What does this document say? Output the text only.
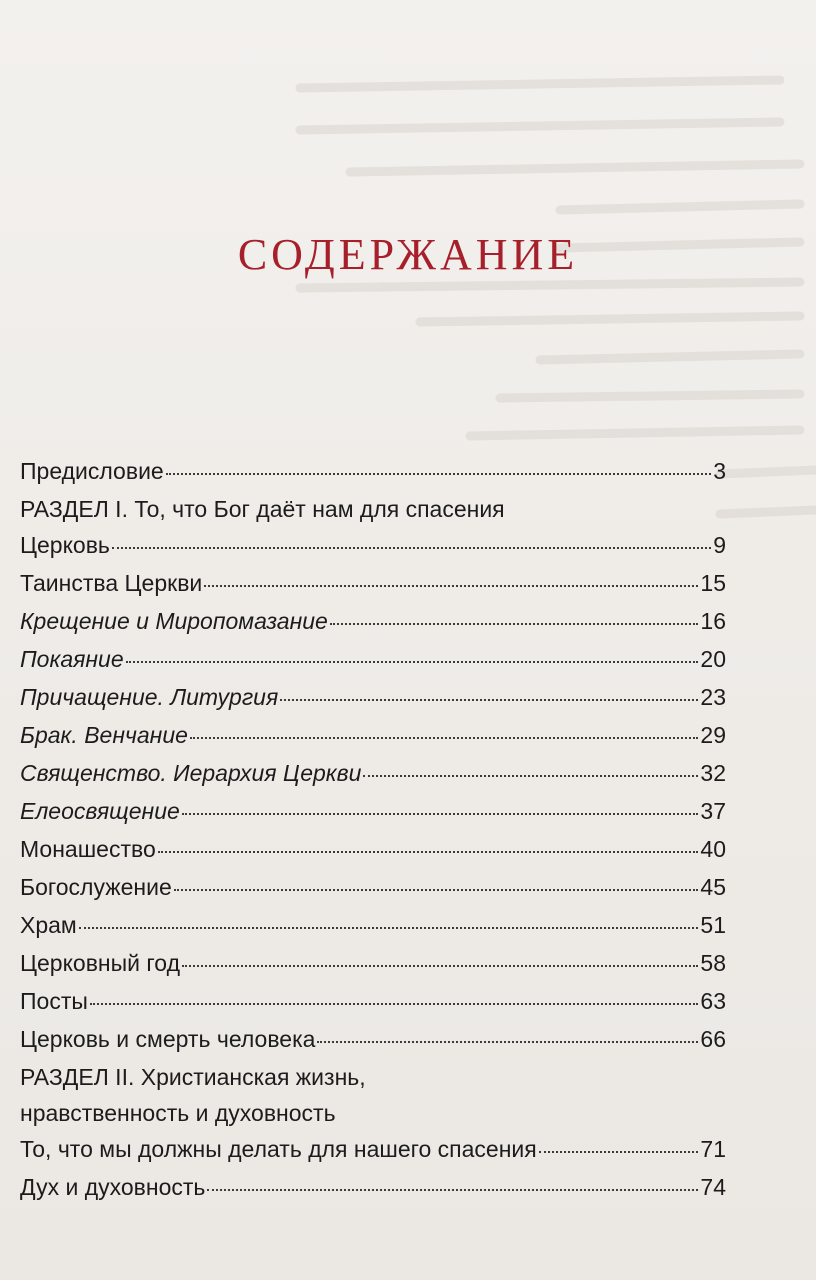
СОДЕРЖАНИЕ
Предисловие	3
РАЗДЕЛ I. То, что Бог даёт нам для спасения
Церковь	9
Таинства Церкви	15
Крещение и Миропомазание	16
Покаяние	20
Причащение. Литургия	23
Брак. Венчание	29
Священство. Иерархия Церкви	32
Елеосвящение	37
Монашество	40
Богослужение	45
Храм	51
Церковный год	58
Посты	63
Церковь и смерть человека	66
РАЗДЕЛ II. Христианская жизнь,
нравственность и духовность
То, что мы должны делать для нашего спасения	71
Дух и духовность	74
